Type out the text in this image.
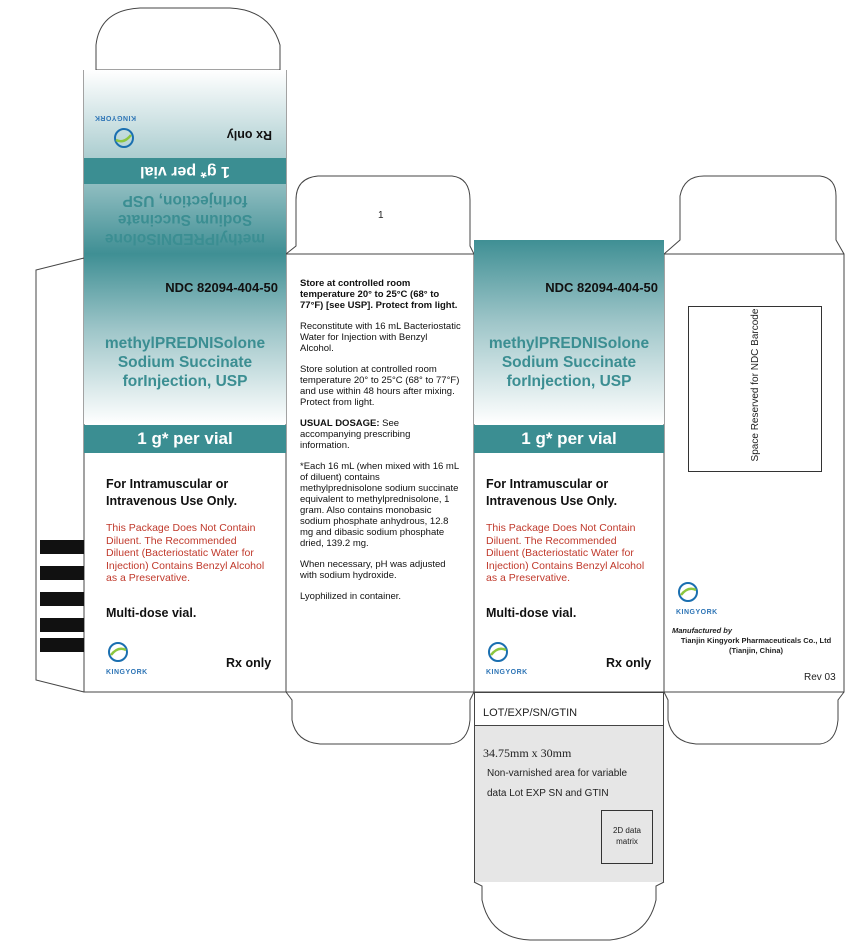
methylPREDNISolone
Sodium Succinate
forInjection, USP
1 g* per vial
Rx only
KINGYORK
NDC 82094-404-50
methylPREDNISolone
Sodium Succinate
forInjection, USP
1 g* per vial
For Intramuscular or
Intravenous Use Only.
This Package Does Not Contain Diluent. The Recommended Diluent (Bacteriostatic Water for Injection) Contains Benzyl Alcohol as a Preservative.
Multi-dose vial.
KINGYORK
Rx only
1
Store at controlled room temperature 20° to 25°C (68° to 77°F) [see USP]. Protect from light.
Reconstitute with 16 mL Bacteriostatic Water for Injection with Benzyl Alcohol.
Store solution at controlled room temperature 20° to 25°C (68° to 77°F) and use within 48 hours after mixing. Protect from light.
USUAL DOSAGE: See accompanying prescribing information.
*Each 16 mL (when mixed with 16 mL of diluent) contains methylprednisolone sodium succinate equivalent to methylprednisolone, 1 gram. Also contains monobasic sodium phosphate anhydrous, 12.8 mg and dibasic sodium phosphate dried, 139.2 mg.
When necessary, pH was adjusted with sodium hydroxide.
Lyophilized in container.
NDC 82094-404-50
methylPREDNISolone
Sodium Succinate
forInjection, USP
1 g* per vial
For Intramuscular or
Intravenous Use Only.
This Package Does Not Contain Diluent. The Recommended Diluent (Bacteriostatic Water for Injection) Contains Benzyl Alcohol as a Preservative.
Multi-dose vial.
KINGYORK
Rx only
Space Reserved for NDC Barcode
KINGYORK
Manufactured by
Tianjin Kingyork Pharmaceuticals Co., Ltd
(Tianjin, China)
Rev 03
LOT/EXP/SN/GTIN
34.75mm x 30mm
Non-varnished area for variable
data Lot EXP SN and GTIN
2D data matrix
